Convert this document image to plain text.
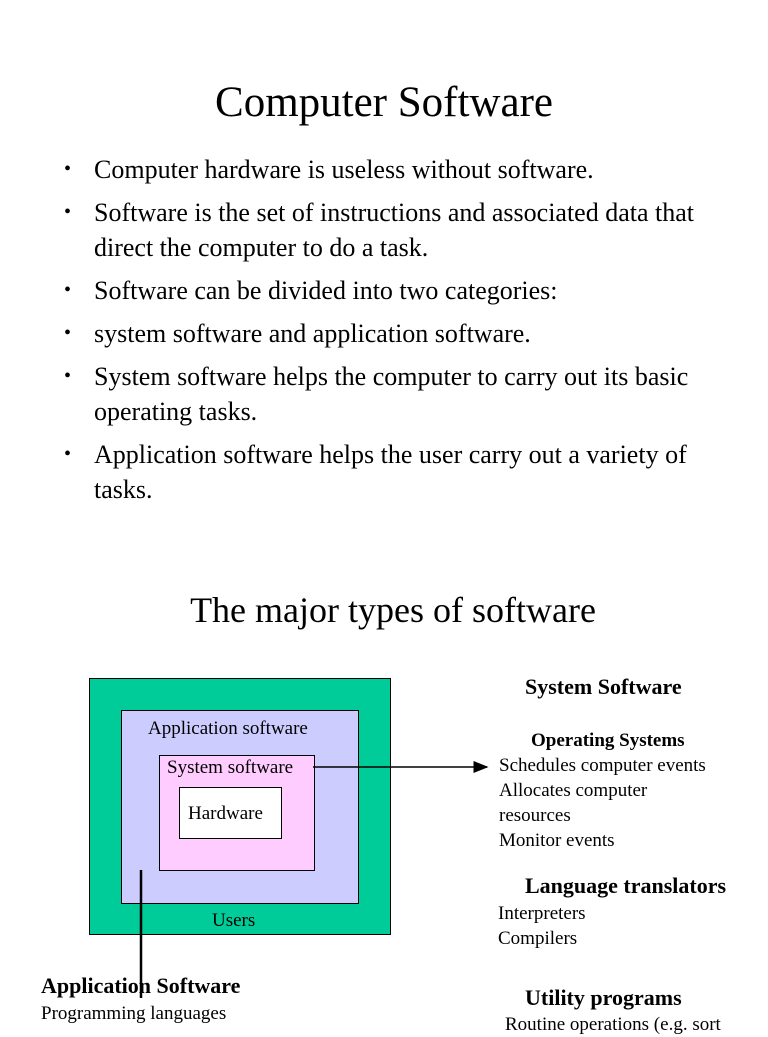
Computer Software
• Computer hardware is useless without software.
• Software is the set of instructions and associated data that direct the computer to do a task.
• Software can be divided into two categories:
• system software and application software.
• System software helps the computer to carry out its basic operating tasks.
• Application software helps the user carry out a variety of tasks.
The major types of software
Application software
System software
Hardware
Users
System Software
Operating Systems
Schedules computer events
Allocates computer
resources
Monitor events
Language translators
Interpreters
Compilers
Utility programs
Routine operations (e.g. sort
Application Software
Programming languages
